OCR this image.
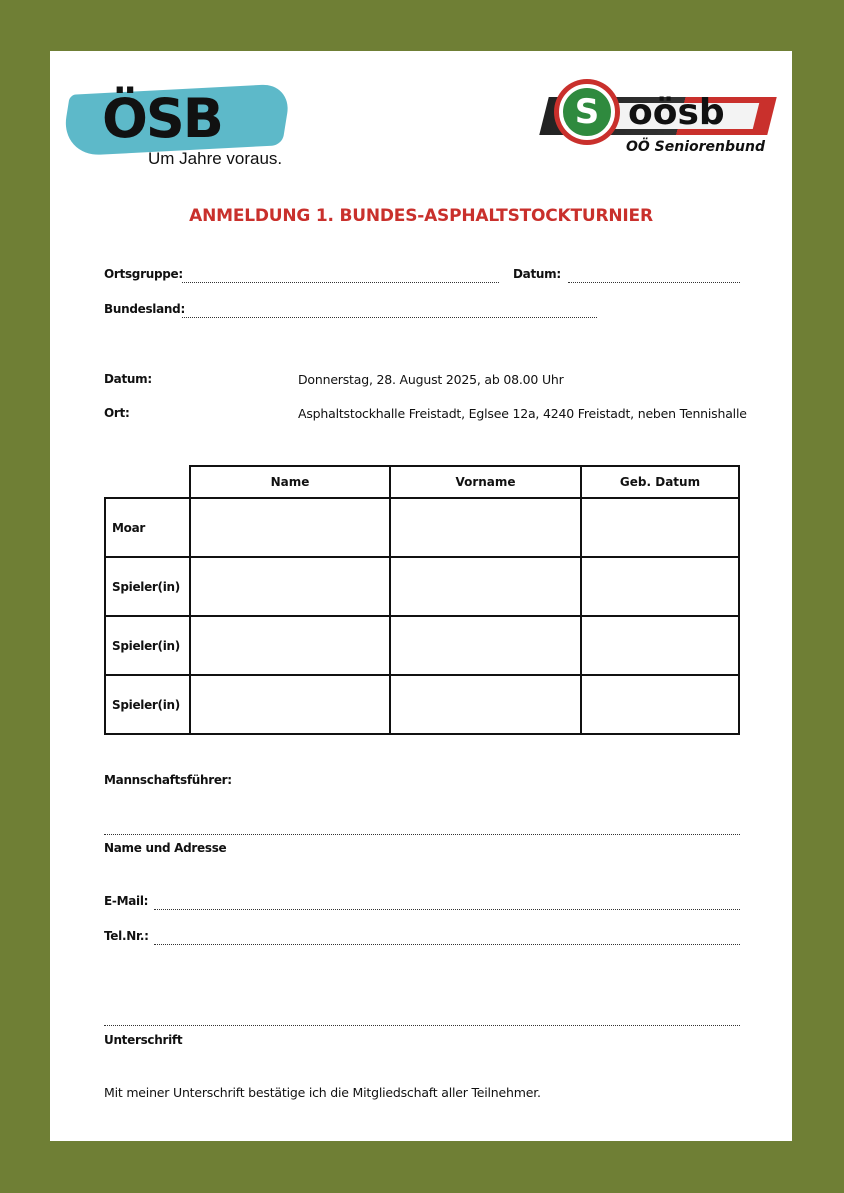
ÖSB
Um Jahre voraus.
S oösb
OÖ Seniorenbund
ANMELDUNG 1. BUNDES-ASPHALTSTOCKTURNIER
Ortsgruppe:	Datum:
Bundesland:
Datum:	Donnerstag, 28. August 2025, ab 08.00 Uhr
Ort:	Asphaltstockhalle Freistadt, Eglsee 12a, 4240 Freistadt, neben Tennishalle
	Name	Vorname	Geb. Datum
Moar			
Spieler(in)			
Spieler(in)			
Spieler(in)			
Mannschaftsführer:
Name und Adresse
E-Mail:
Tel.Nr.:
Unterschrift
Mit meiner Unterschrift bestätige ich die Mitgliedschaft aller Teilnehmer.
